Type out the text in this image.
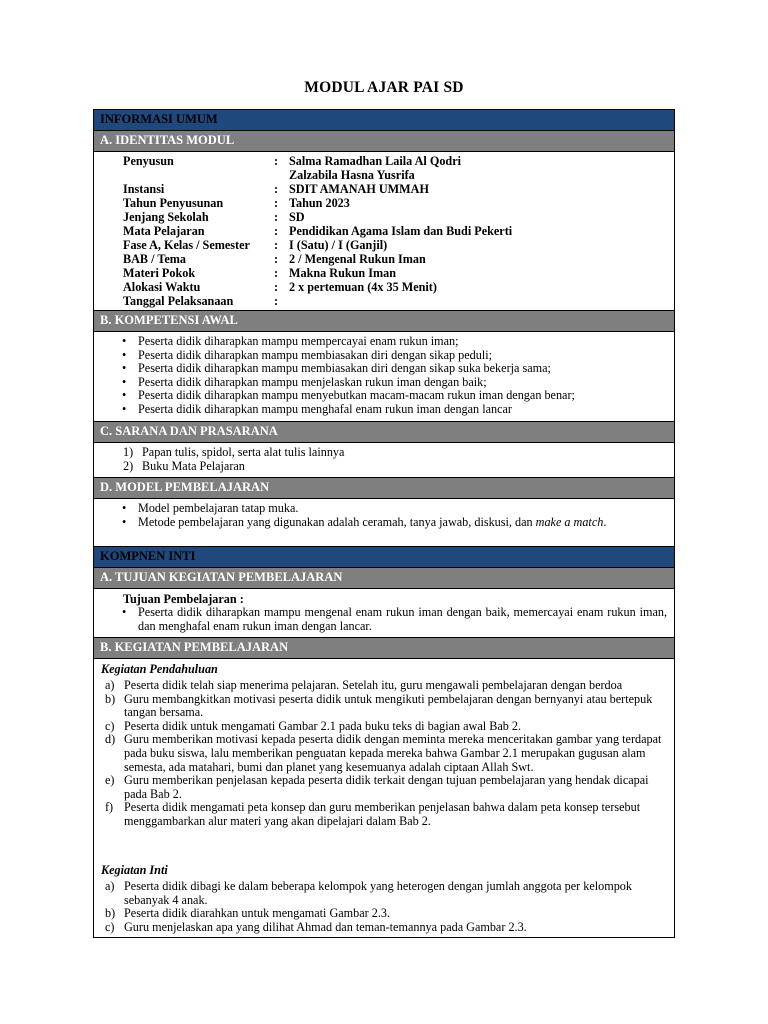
MODUL AJAR PAI SD
INFORMASI UMUM
A. IDENTITAS MODUL
Penyusun	: Salma Ramadhan Laila Al Qodri
Zalzabila Hasna Yusrifa
Instansi	: SDIT AMANAH UMMAH
Tahun Penyusunan	: Tahun 2023
Jenjang Sekolah	: SD
Mata Pelajaran	: Pendidikan Agama Islam dan Budi Pekerti
Fase A, Kelas / Semester : I (Satu) / I (Ganjil)
BAB / Tema	: 2 / Mengenal Rukun Iman
Materi Pokok	: Makna Rukun Iman
Alokasi Waktu	: 2 x pertemuan (4x 35 Menit)
Tanggal Pelaksanaan	:
B. KOMPETENSI AWAL
• Peserta didik diharapkan mampu mempercayai enam rukun iman;
• Peserta didik diharapkan mampu membiasakan diri dengan sikap peduli;
• Peserta didik diharapkan mampu membiasakan diri dengan sikap suka bekerja sama;
• Peserta didik diharapkan mampu menjelaskan rukun iman dengan baik;
• Peserta didik diharapkan mampu menyebutkan macam-macam rukun iman dengan benar;
• Peserta didik diharapkan mampu menghafal enam rukun iman dengan lancar
C. SARANA DAN PRASARANA
1) Papan tulis, spidol, serta alat tulis lainnya
2) Buku Mata Pelajaran
D. MODEL PEMBELAJARAN
• Model pembelajaran tatap muka.
• Metode pembelajaran yang digunakan adalah ceramah, tanya jawab, diskusi, dan make a match.
KOMPNEN INTI
A. TUJUAN KEGIATAN PEMBELAJARAN
Tujuan Pembelajaran :
• Peserta didik diharapkan mampu mengenal enam rukun iman dengan baik, memercayai enam rukun iman, dan menghafal enam rukun iman dengan lancar.
B. KEGIATAN PEMBELAJARAN
Kegiatan Pendahuluan
a) Peserta didik telah siap menerima pelajaran. Setelah itu, guru mengawali pembelajaran dengan berdoa
b) Guru membangkitkan motivasi peserta didik untuk mengikuti pembelajaran dengan bernyanyi atau bertepuk tangan bersama.
c) Peserta didik untuk mengamati Gambar 2.1 pada buku teks di bagian awal Bab 2.
d) Guru memberikan motivasi kepada peserta didik dengan meminta mereka menceritakan gambar yang terdapat pada buku siswa, lalu memberikan penguatan kepada mereka bahwa Gambar 2.1 merupakan gugusan alam semesta, ada matahari, bumi dan planet yang kesemuanya adalah ciptaan Allah Swt.
e) Guru memberikan penjelasan kepada peserta didik terkait dengan tujuan pembelajaran yang hendak dicapai pada Bab 2.
f) Peserta didik mengamati peta konsep dan guru memberikan penjelasan bahwa dalam peta konsep tersebut menggambarkan alur materi yang akan dipelajari dalam Bab 2.
Kegiatan Inti
a) Peserta didik dibagi ke dalam beberapa kelompok yang heterogen dengan jumlah anggota per kelompok sebanyak 4 anak.
b) Peserta didik diarahkan untuk mengamati Gambar 2.3.
c) Guru menjelaskan apa yang dilihat Ahmad dan teman-temannya pada Gambar 2.3.
